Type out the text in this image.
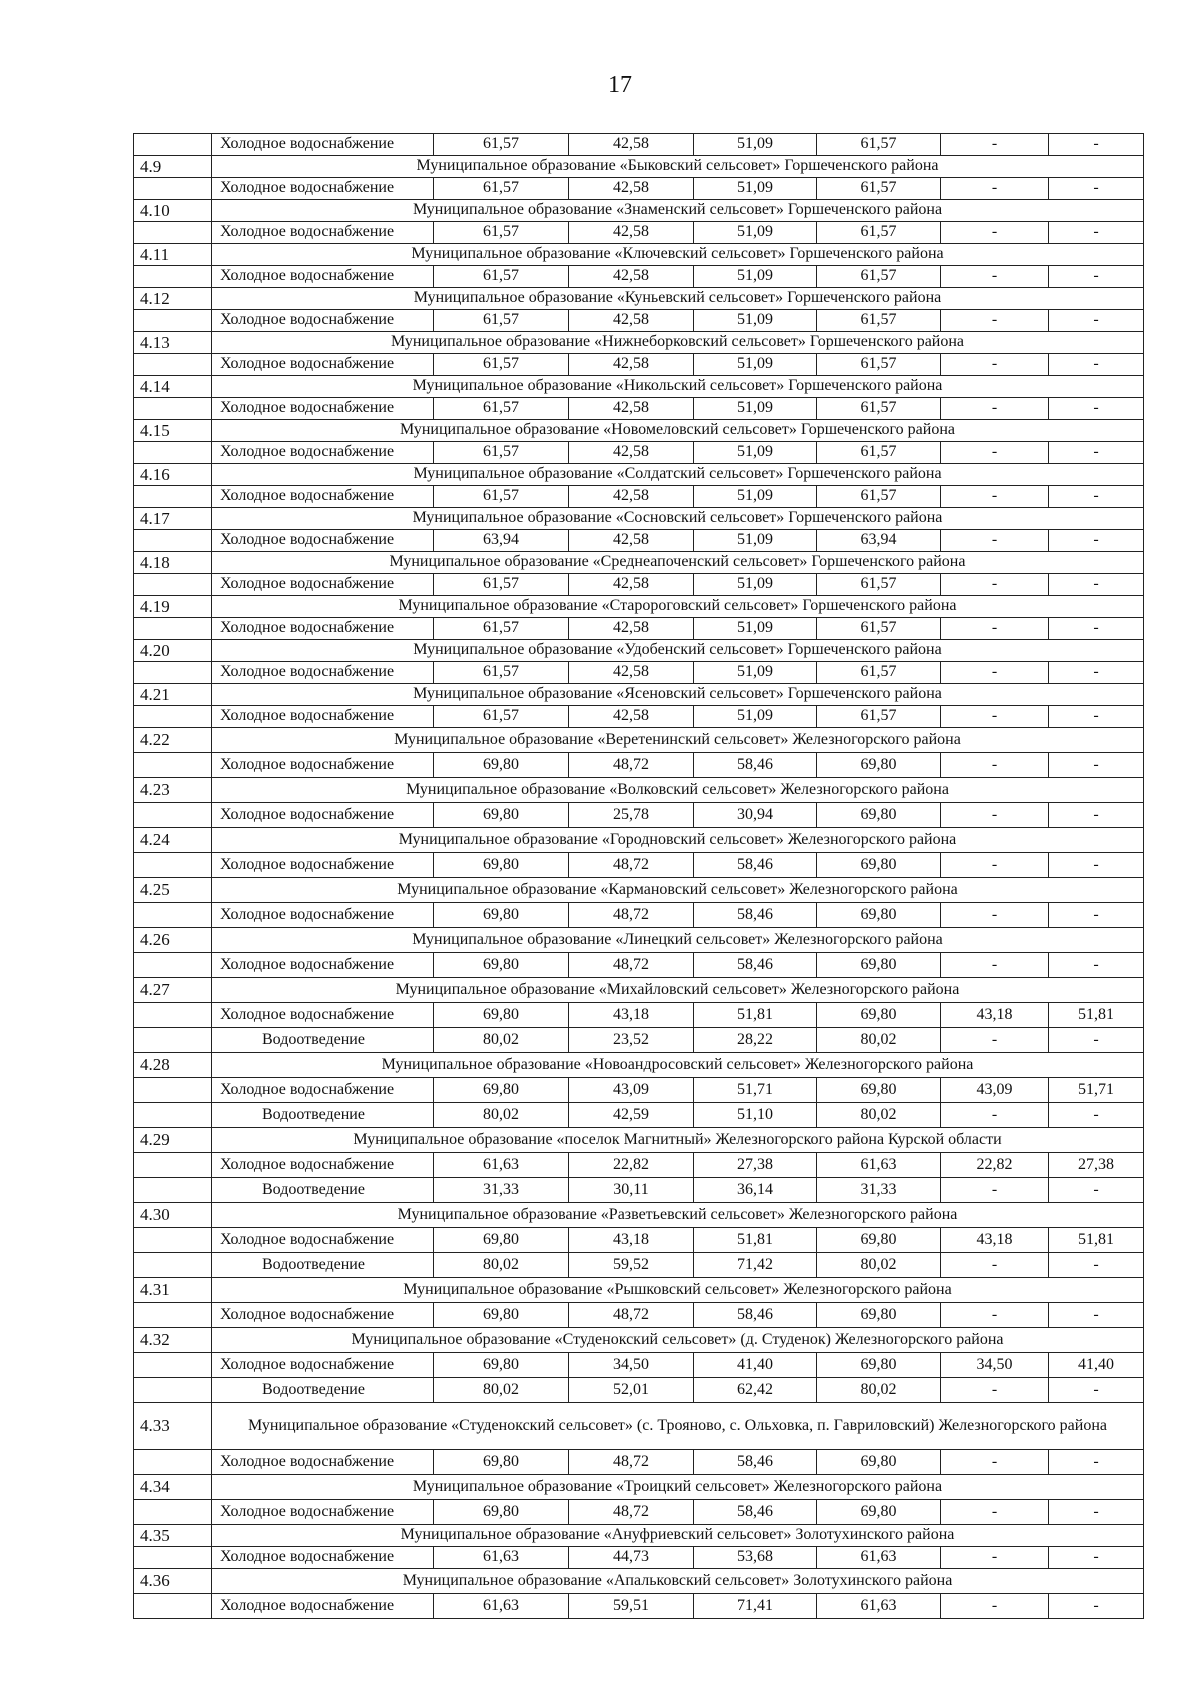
17
	Холодное водоснабжение	61,57	42,58	51,09	61,57	-	-
4.9	Муниципальное образование «Быковский сельсовет» Горшеченского района						
	Холодное водоснабжение	61,57	42,58	51,09	61,57	-	-
4.10	Муниципальное образование «Знаменский сельсовет» Горшеченского района						
	Холодное водоснабжение	61,57	42,58	51,09	61,57	-	-
4.11	Муниципальное образование «Ключевский сельсовет» Горшеченского района						
	Холодное водоснабжение	61,57	42,58	51,09	61,57	-	-
4.12	Муниципальное образование «Куньевский сельсовет» Горшеченского района						
	Холодное водоснабжение	61,57	42,58	51,09	61,57	-	-
4.13	Муниципальное образование «Нижнеборковский сельсовет» Горшеченского района						
	Холодное водоснабжение	61,57	42,58	51,09	61,57	-	-
4.14	Муниципальное образование «Никольский сельсовет» Горшеченского района						
	Холодное водоснабжение	61,57	42,58	51,09	61,57	-	-
4.15	Муниципальное образование «Новомеловский сельсовет» Горшеченского района						
	Холодное водоснабжение	61,57	42,58	51,09	61,57	-	-
4.16	Муниципальное образование «Солдатский сельсовет» Горшеченского района						
	Холодное водоснабжение	61,57	42,58	51,09	61,57	-	-
4.17	Муниципальное образование «Сосновский сельсовет» Горшеченского района						
	Холодное водоснабжение	63,94	42,58	51,09	63,94	-	-
4.18	Муниципальное образование «Среднеапоченский сельсовет» Горшеченского района						
	Холодное водоснабжение	61,57	42,58	51,09	61,57	-	-
4.19	Муниципальное образование «Старороговский сельсовет» Горшеченского района						
	Холодное водоснабжение	61,57	42,58	51,09	61,57	-	-
4.20	Муниципальное образование «Удобенский сельсовет» Горшеченского района						
	Холодное водоснабжение	61,57	42,58	51,09	61,57	-	-
4.21	Муниципальное образование «Ясеновский сельсовет» Горшеченского района						
	Холодное водоснабжение	61,57	42,58	51,09	61,57	-	-
4.22	Муниципальное образование «Веретенинский сельсовет» Железногорского района						
	Холодное водоснабжение	69,80	48,72	58,46	69,80	-	-
4.23	Муниципальное образование «Волковский сельсовет» Железногорского района						
	Холодное водоснабжение	69,80	25,78	30,94	69,80	-	-
4.24	Муниципальное образование «Городновский сельсовет» Железногорского района						
	Холодное водоснабжение	69,80	48,72	58,46	69,80	-	-
4.25	Муниципальное образование «Кармановский сельсовет» Железногорского района						
	Холодное водоснабжение	69,80	48,72	58,46	69,80	-	-
4.26	Муниципальное образование «Линецкий сельсовет» Железногорского района						
	Холодное водоснабжение	69,80	48,72	58,46	69,80	-	-
4.27	Муниципальное образование «Михайловский сельсовет» Железногорского района						
	Холодное водоснабжение	69,80	43,18	51,81	69,80	43,18	51,81
	Водоотведение	80,02	23,52	28,22	80,02	-	-
4.28	Муниципальное образование «Новоандросовский сельсовет» Железногорского района						
	Холодное водоснабжение	69,80	43,09	51,71	69,80	43,09	51,71
	Водоотведение	80,02	42,59	51,10	80,02	-	-
4.29	Муниципальное образование «поселок Магнитный» Железногорского района Курской области						
	Холодное водоснабжение	61,63	22,82	27,38	61,63	22,82	27,38
	Водоотведение	31,33	30,11	36,14	31,33	-	-
4.30	Муниципальное образование «Разветьевский сельсовет» Железногорского района						
	Холодное водоснабжение	69,80	43,18	51,81	69,80	43,18	51,81
	Водоотведение	80,02	59,52	71,42	80,02	-	-
4.31	Муниципальное образование «Рышковский сельсовет» Железногорского района						
	Холодное водоснабжение	69,80	48,72	58,46	69,80	-	-
4.32	Муниципальное образование «Студенокский сельсовет» (д. Студенок) Железногорского района						
	Холодное водоснабжение	69,80	34,50	41,40	69,80	34,50	41,40
	Водоотведение	80,02	52,01	62,42	80,02	-	-
4.33	Муниципальное образование «Студенокский сельсовет» (с. Трояново, с. Ольховка, п. Гавриловский) Железногорского района						
	Холодное водоснабжение	69,80	48,72	58,46	69,80	-	-
4.34	Муниципальное образование «Троицкий сельсовет» Железногорского района						
	Холодное водоснабжение	69,80	48,72	58,46	69,80	-	-
4.35	Муниципальное образование «Ануфриевский сельсовет» Золотухинского района						
	Холодное водоснабжение	61,63	44,73	53,68	61,63	-	-
4.36	Муниципальное образование «Апальковский сельсовет» Золотухинского района						
	Холодное водоснабжение	61,63	59,51	71,41	61,63	-	-
